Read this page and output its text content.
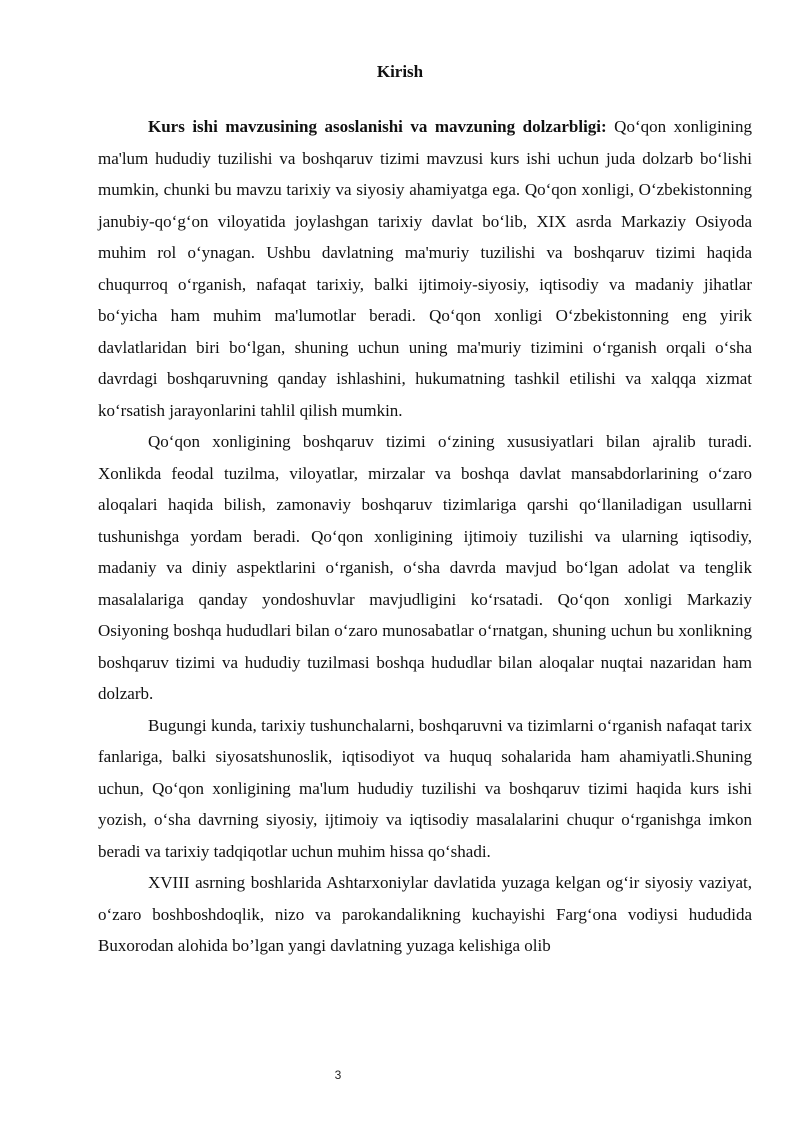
Kirish

Kurs ishi mavzusining asoslanishi va mavzuning dolzarbligi: Qo‘qon xonligining ma'lum hududiy tuzilishi va boshqaruv tizimi mavzusi kurs ishi uchun juda dolzarb bo‘lishi mumkin, chunki bu mavzu tarixiy va siyosiy ahamiyatga ega. Qo‘qon xonligi, O‘zbekistonning janubiy-qo‘g‘on viloyatida joylashgan tarixiy davlat bo‘lib, XIX asrda Markaziy Osiyoda muhim rol o‘ynagan. Ushbu davlatning ma'muriy tuzilishi va boshqaruv tizimi haqida chuqurroq o‘rganish, nafaqat tarixiy, balki ijtimoiy-siyosiy, iqtisodiy va madaniy jihatlar bo‘yicha ham muhim ma'lumotlar beradi. Qo‘qon xonligi O‘zbekistonning eng yirik davlatlaridan biri bo‘lgan, shuning uchun uning ma'muriy tizimini o‘rganish orqali o‘sha davrdagi boshqaruvning qanday ishlashini, hukumatning tashkil etilishi va xalqqa xizmat ko‘rsatish jarayonlarini tahlil qilish mumkin.

Qo‘qon xonligining boshqaruv tizimi o‘zining xususiyatlari bilan ajralib turadi. Xonlikda feodal tuzilma, viloyatlar, mirzalar va boshqa davlat mansabdorlarining o‘zaro aloqalari haqida bilish, zamonaviy boshqaruv tizimlariga qarshi qo‘llaniladigan usullarni tushunishga yordam beradi. Qo‘qon xonligining ijtimoiy tuzilishi va ularning iqtisodiy, madaniy va diniy aspektlarini o‘rganish, o‘sha davrda mavjud bo‘lgan adolat va tenglik masalalariga qanday yondoshuvlar mavjudligini ko‘rsatadi. Qo‘qon xonligi Markaziy Osiyoning boshqa hududlari bilan o‘zaro munosabatlar o‘rnatgan, shuning uchun bu xonlikning boshqaruv tizimi va hududiy tuzilmasi boshqa hududlar bilan aloqalar nuqtai nazaridan ham dolzarb.

Bugungi kunda, tarixiy tushunchalarni, boshqaruvni va tizimlarni o‘rganish nafaqat tarix fanlariga, balki siyosatshunoslik, iqtisodiyot va huquq sohalarida ham ahamiyatli.Shuning uchun, Qo‘qon xonligining ma'lum hududiy tuzilishi va boshqaruv tizimi haqida kurs ishi yozish, o‘sha davrning siyosiy, ijtimoiy va iqtisodiy masalalarini chuqur o‘rganishga imkon beradi va tarixiy tadqiqotlar uchun muhim hissa qo‘shadi.

XVIII asrning boshlarida Ashtarxoniylar davlatida yuzaga kelgan og‘ir siyosiy vaziyat, o‘zaro boshboshdoqlik, nizo va parokandalikning kuchayishi Farg‘ona vodiysi hududida Buxorodan alohida bo’lgan yangi davlatning yuzaga kelishiga olib

3
